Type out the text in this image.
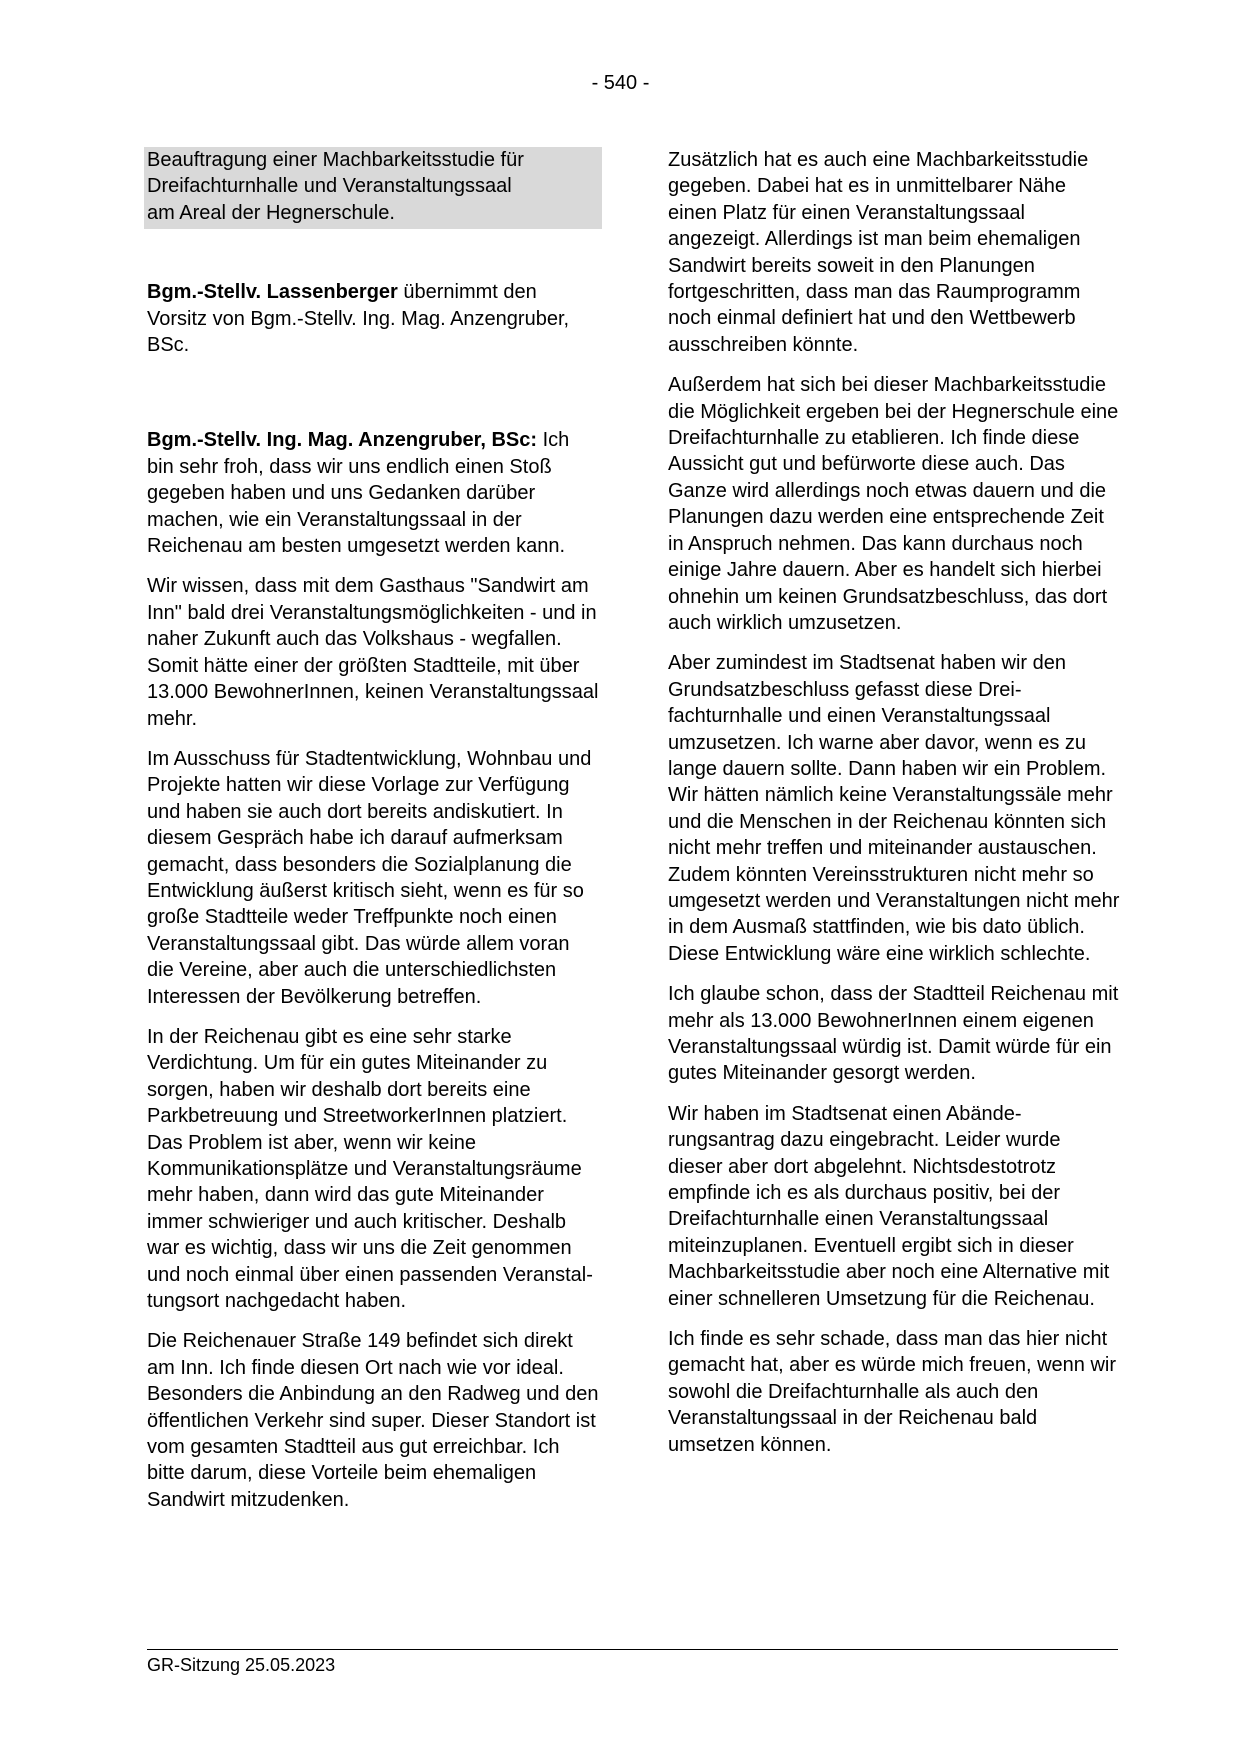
- 540 -

Beauftragung einer Machbarkeitsstudie für
Dreifachturnhalle und Veranstaltungssaal
am Areal der Hegnerschule.

Bgm.-Stellv. Lassenberger übernimmt den Vorsitz von Bgm.-Stellv. Ing. Mag. Anzengruber, BSc.

Bgm.-Stellv. Ing. Mag. Anzengruber, BSc: Ich bin sehr froh, dass wir uns endlich einen Stoß gegeben haben und uns Gedanken darüber machen, wie ein Veranstaltungssaal in der Reichenau am besten umgesetzt werden kann.

Wir wissen, dass mit dem Gasthaus "Sandwirt am Inn" bald drei Veranstaltungsmöglichkeiten - und in naher Zukunft auch das Volkshaus - wegfallen. Somit hätte einer der größten Stadtteile, mit über 13.000 BewohnerInnen, keinen Veranstaltungssaal mehr.

Im Ausschuss für Stadtentwicklung, Wohnbau und Projekte hatten wir diese Vorlage zur Verfügung und haben sie auch dort bereits andiskutiert. In diesem Gespräch habe ich darauf aufmerksam gemacht, dass besonders die Sozialplanung die Entwicklung äußerst kritisch sieht, wenn es für so große Stadtteile weder Treffpunkte noch einen Veranstaltungssaal gibt. Das würde allem voran die Vereine, aber auch die unterschiedlichsten Interessen der Bevölkerung betreffen.

In der Reichenau gibt es eine sehr starke Verdichtung. Um für ein gutes Miteinander zu sorgen, haben wir deshalb dort bereits eine Parkbetreuung und StreetworkerInnen platziert. Das Problem ist aber, wenn wir keine Kommunikationsplätze und Veranstaltungsräume mehr haben, dann wird das gute Miteinander immer schwieriger und auch kritischer. Deshalb war es wichtig, dass wir uns die Zeit genommen und noch einmal über einen passenden Veranstaltungsort nachgedacht haben.

Die Reichenauer Straße 149 befindet sich direkt am Inn. Ich finde diesen Ort nach wie vor ideal. Besonders die Anbindung an den Radweg und den öffentlichen Verkehr sind super. Dieser Standort ist vom gesamten Stadtteil aus gut erreichbar. Ich bitte darum, diese Vorteile beim ehemaligen Sandwirt mitzudenken.

Zusätzlich hat es auch eine Machbarkeitsstudie gegeben. Dabei hat es in unmittelbarer Nähe einen Platz für einen Veranstaltungssaal angezeigt. Allerdings ist man beim ehemaligen Sandwirt bereits soweit in den Planungen fortgeschritten, dass man das Raumprogramm noch einmal definiert hat und den Wettbewerb ausschreiben könnte.

Außerdem hat sich bei dieser Machbarkeitsstudie die Möglichkeit ergeben bei der Hegnerschule eine Dreifachturnhalle zu etablieren. Ich finde diese Aussicht gut und befürworte diese auch. Das Ganze wird allerdings noch etwas dauern und die Planungen dazu werden eine entsprechende Zeit in Anspruch nehmen. Das kann durchaus noch einige Jahre dauern. Aber es handelt sich hierbei ohnehin um keinen Grundsatzbeschluss, das dort auch wirklich umzusetzen.

Aber zumindest im Stadtsenat haben wir den Grundsatzbeschluss gefasst diese Dreifachturnhalle und einen Veranstaltungssaal umzusetzen. Ich warne aber davor, wenn es zu lange dauern sollte. Dann haben wir ein Problem. Wir hätten nämlich keine Veranstaltungssäle mehr und die Menschen in der Reichenau könnten sich nicht mehr treffen und miteinander austauschen. Zudem könnten Vereinsstrukturen nicht mehr so umgesetzt werden und Veranstaltungen nicht mehr in dem Ausmaß stattfinden, wie bis dato üblich. Diese Entwicklung wäre eine wirklich schlechte.

Ich glaube schon, dass der Stadtteil Reichenau mit mehr als 13.000 BewohnerInnen einem eigenen Veranstaltungssaal würdig ist. Damit würde für ein gutes Miteinander gesorgt werden.

Wir haben im Stadtsenat einen Abänderungsantrag dazu eingebracht. Leider wurde dieser aber dort abgelehnt. Nichtsdestotrotz empfinde ich es als durchaus positiv, bei der Dreifachturnhalle einen Veranstaltungssaal miteinzuplanen. Eventuell ergibt sich in dieser Machbarkeitsstudie aber noch eine Alternative mit einer schnelleren Umsetzung für die Reichenau.

Ich finde es sehr schade, dass man das hier nicht gemacht hat, aber es würde mich freuen, wenn wir sowohl die Dreifachturnhalle als auch den Veranstaltungssaal in der Reichenau bald umsetzen können.

GR-Sitzung 25.05.2023
